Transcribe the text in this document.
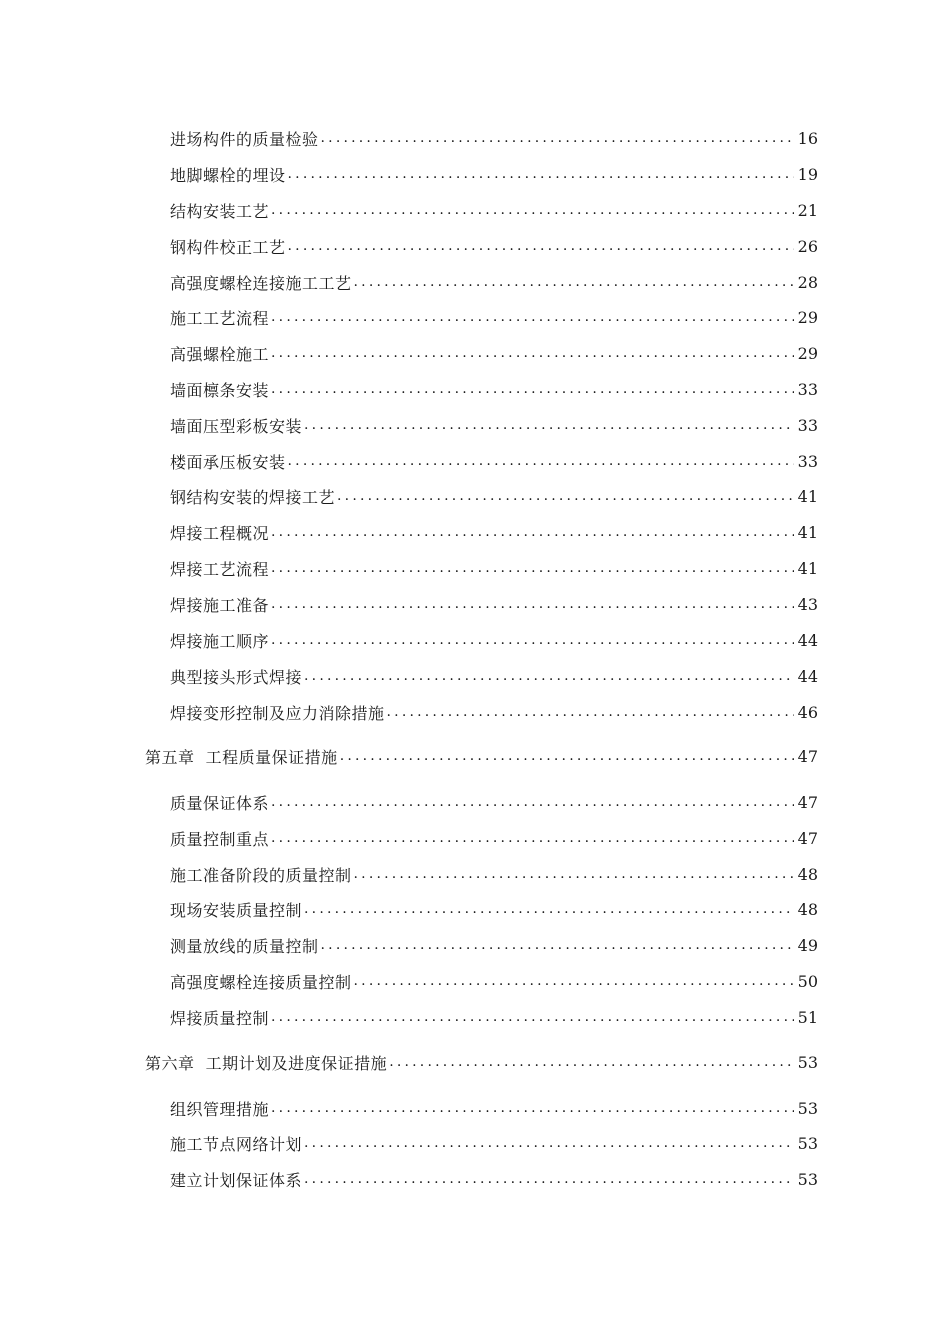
进场构件的质量检验 .....	16
地脚螺栓的埋设 .....	19
结构安装工艺 .....	21
钢构件校正工艺 .....	26
高强度螺栓连接施工工艺 .....	28
施工工艺流程 .....	29
高强螺栓施工 .....	29
墙面檩条安装 .....	33
墙面压型彩板安装 .....	33
楼面承压板安装 .....	33
钢结构安装的焊接工艺 .....	41
焊接工程概况 .....	41
焊接工艺流程 .....	41
焊接施工准备 .....	43
焊接施工顺序 .....	44
典型接头形式焊接 .....	44
焊接变形控制及应力消除措施 .....	46
第五章  工程质量保证措施 .....	47
质量保证体系 .....	47
质量控制重点 .....	47
施工准备阶段的质量控制 .....	48
现场安装质量控制 .....	48
测量放线的质量控制 .....	49
高强度螺栓连接质量控制 .....	50
焊接质量控制 .....	51
第六章  工期计划及进度保证措施 .....	53
组织管理措施 .....	53
施工节点网络计划 .....	53
建立计划保证体系 .....	53
